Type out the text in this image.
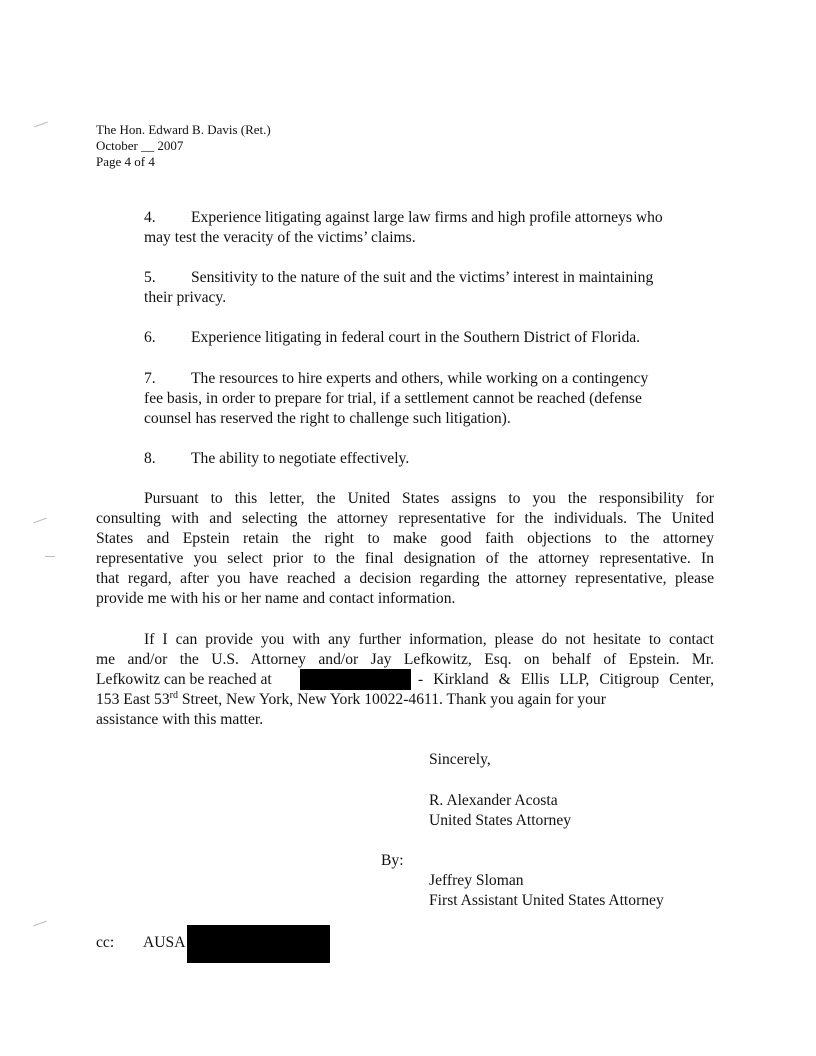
The Hon. Edward B. Davis (Ret.)
October __ 2007
Page 4 of 4
4. Experience litigating against large law firms and high profile attorneys who
may test the veracity of the victims’ claims.
5. Sensitivity to the nature of the suit and the victims’ interest in maintaining
their privacy.
6. Experience litigating in federal court in the Southern District of Florida.
7. The resources to hire experts and others, while working on a contingency
fee basis, in order to prepare for trial, if a settlement cannot be reached (defense
counsel has reserved the right to challenge such litigation).
8. The ability to negotiate effectively.
Pursuant to this letter, the United States assigns to you the responsibility for
consulting with and selecting the attorney representative for the individuals. The United
States and Epstein retain the right to make good faith objections to the attorney
representative you select prior to the final designation of the attorney representative. In
that regard, after you have reached a decision regarding the attorney representative, please
provide me with his or her name and contact information.
If I can provide you with any further information, please do not hesitate to contact
me and/or the U.S. Attorney and/or Jay Lefkowitz, Esq. on behalf of Epstein. Mr.
Lefkowitz can be reached at	- Kirkland & Ellis LLP, Citigroup Center,
153 East 53rd Street, New York, New York 10022-4611. Thank you again for your
assistance with this matter.
Sincerely,
R. Alexander Acosta
United States Attorney
By:
Jeffrey Sloman
First Assistant United States Attorney
cc: AUSA
